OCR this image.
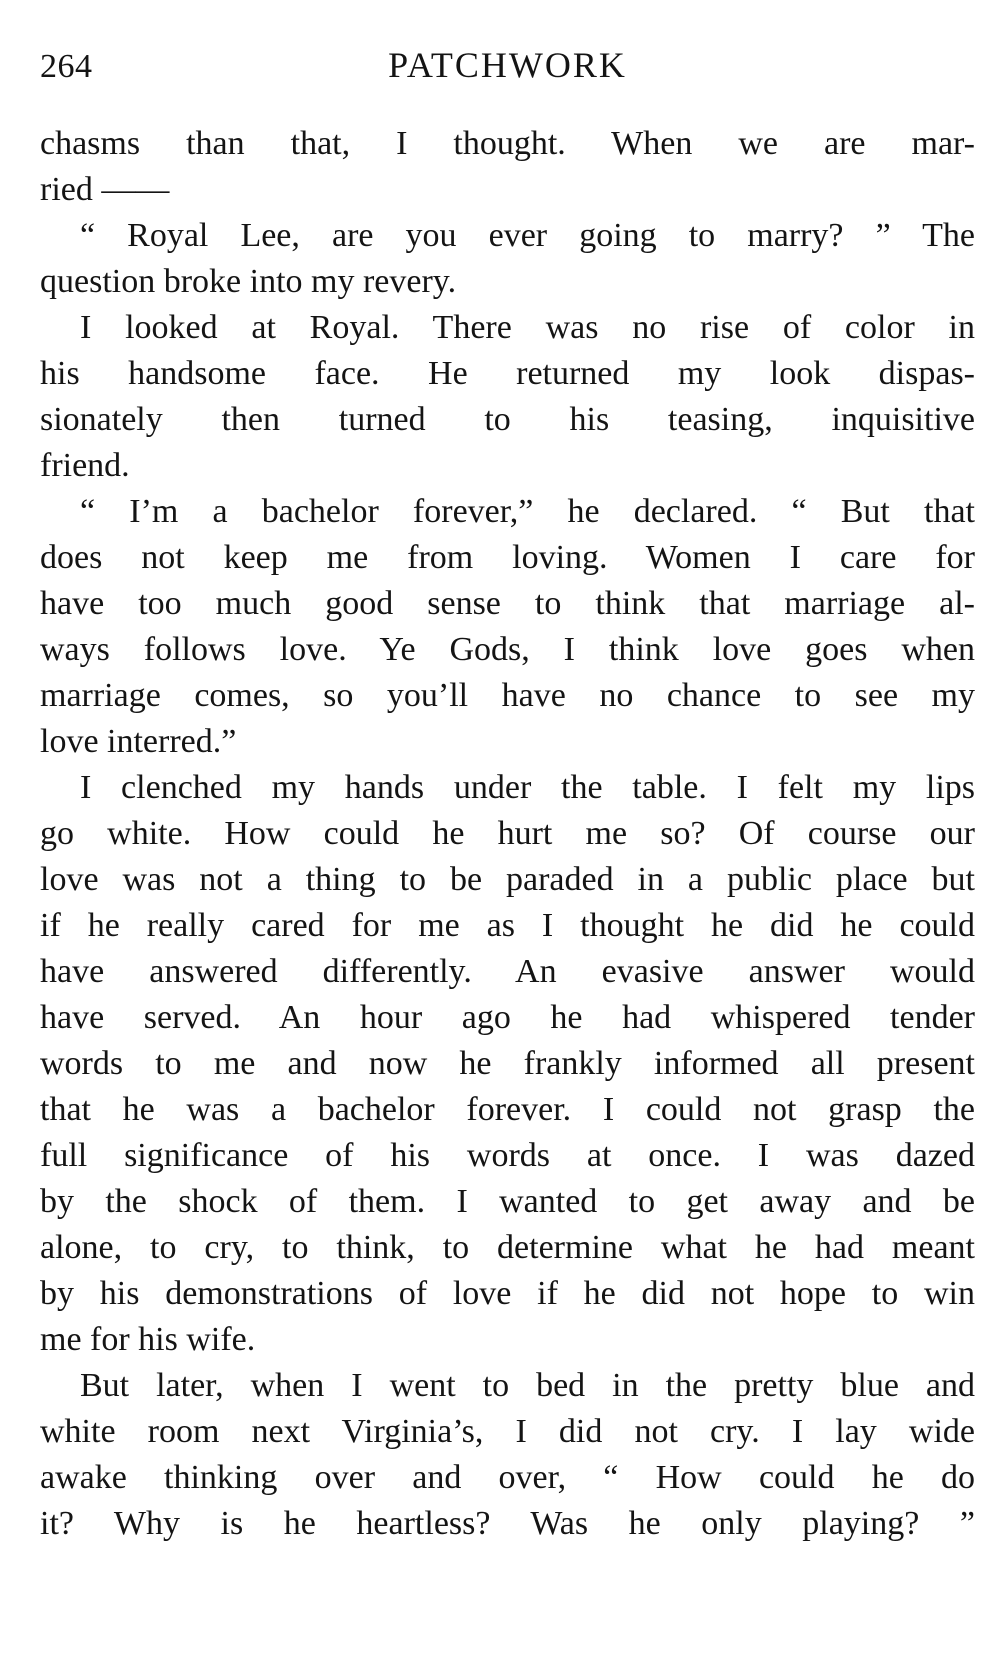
264	PATCHWORK
chasms than that, I thought. When we are mar-
ried ——
“ Royal Lee, are you ever going to marry? ” The
question broke into my revery.
I looked at Royal. There was no rise of color in
his handsome face. He returned my look dispas-
sionately then turned to his teasing, inquisitive
friend.
“ I’m a bachelor forever,” he declared. “ But that
does not keep me from loving. Women I care for
have too much good sense to think that marriage al-
ways follows love. Ye Gods, I think love goes when
marriage comes, so you’ll have no chance to see my
love interred.”
I clenched my hands under the table. I felt my lips
go white. How could he hurt me so? Of course our
love was not a thing to be paraded in a public place but
if he really cared for me as I thought he did he could
have answered differently. An evasive answer would
have served. An hour ago he had whispered tender
words to me and now he frankly informed all present
that he was a bachelor forever. I could not grasp the
full significance of his words at once. I was dazed
by the shock of them. I wanted to get away and be
alone, to cry, to think, to determine what he had meant
by his demonstrations of love if he did not hope to win
me for his wife.
But later, when I went to bed in the pretty blue and
white room next Virginia’s, I did not cry. I lay wide
awake thinking over and over, “ How could he do
it? Why is he heartless? Was he only playing? ”
